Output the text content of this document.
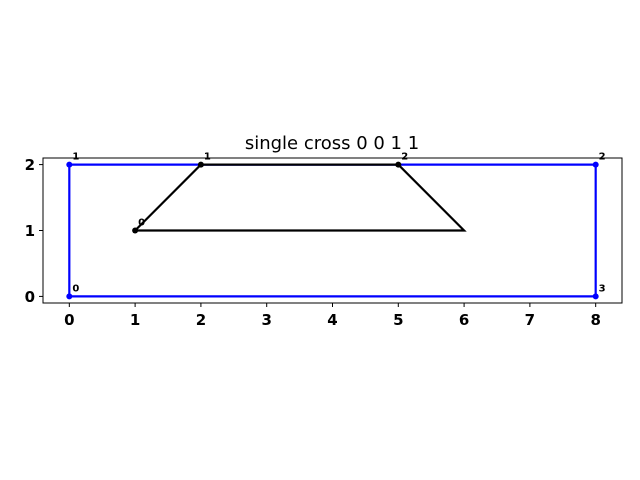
single cross 0 0 1 1
0
1	2
3
0
1	2
0	1	2	3	4	5	6	7	8
0
1
2
